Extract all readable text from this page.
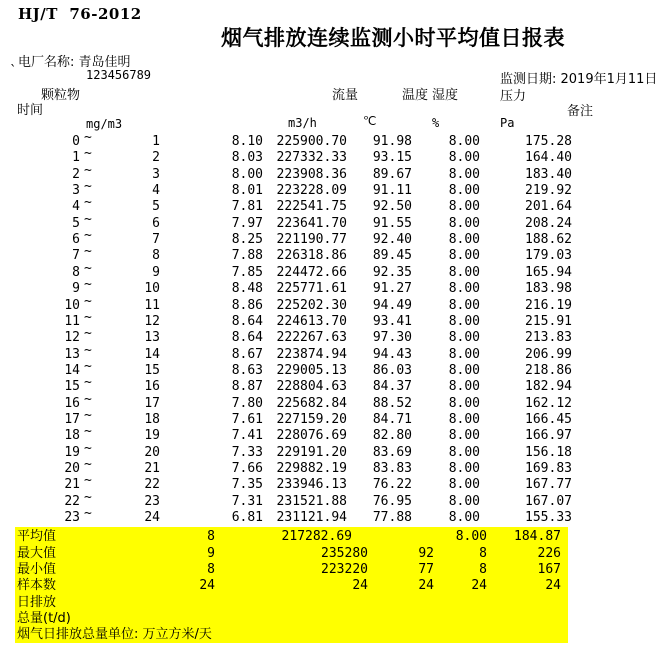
HJ/T  76-2012
烟气排放连续监测小时平均值日报表
电厂名称: 青岛佳明
`	123456789	监测日期: 2019年1月11日
时间
颗粒物	流量	温度 湿度	压力
备注
mg/m3	m3/h	℃	%	Pa
0 ~	1	8.10 225900.70 91.98	8.00	175.28
1 ~	2	8.03 227332.33 93.15	8.00	164.40
2 ~	3	8.00 223908.36 89.67	8.00	183.40
3 ~	4	8.01 223228.09 91.11	8.00	219.92
4 ~	5	7.81 222541.75 92.50	8.00	201.64
5 ~	6	7.97 223641.70 91.55	8.00	208.24
6 ~	7	8.25 221190.77 92.40	8.00	188.62
7 ~	8	7.88 226318.86 89.45	8.00	179.03
8 ~	9	7.85 224472.66 92.35	8.00	165.94
9 ~	10	8.48 225771.61 91.27	8.00	183.98
10 ~	11	8.86 225202.30 94.49	8.00	216.19
11 ~	12	8.64 224613.70 93.41	8.00	215.91
12 ~	13	8.64 222267.63 97.30	8.00	213.83
13 ~	14	8.67 223874.94 94.43	8.00	206.99
14 ~	15	8.63 229005.13 86.03	8.00	218.86
15 ~	16	8.87 228804.63 84.37	8.00	182.94
16 ~	17	7.80 225682.84 88.52	8.00	162.12
17 ~	18	7.61 227159.20 84.71	8.00	166.45
18 ~	19	7.41 228076.69 82.80	8.00	166.97
19 ~	20	7.33 229191.20 83.69	8.00	156.18
20 ~	21	7.66 229882.19 83.83	8.00	169.83
21 ~	22	7.35 233946.13 76.22	8.00	167.77
22 ~	23	7.31 231521.88 76.95	8.00	167.07
23 ~	24	6.81 231121.94 77.88	8.00	155.33
平均值	8	217282.69	8.00 184.87
最大值	9	235280	92	8	226
最小值	8	223220	77	8	167
样本数	24	24	24	24	24
日排放
总量(t/d)
烟气日排放总量单位: 万立方米/天
